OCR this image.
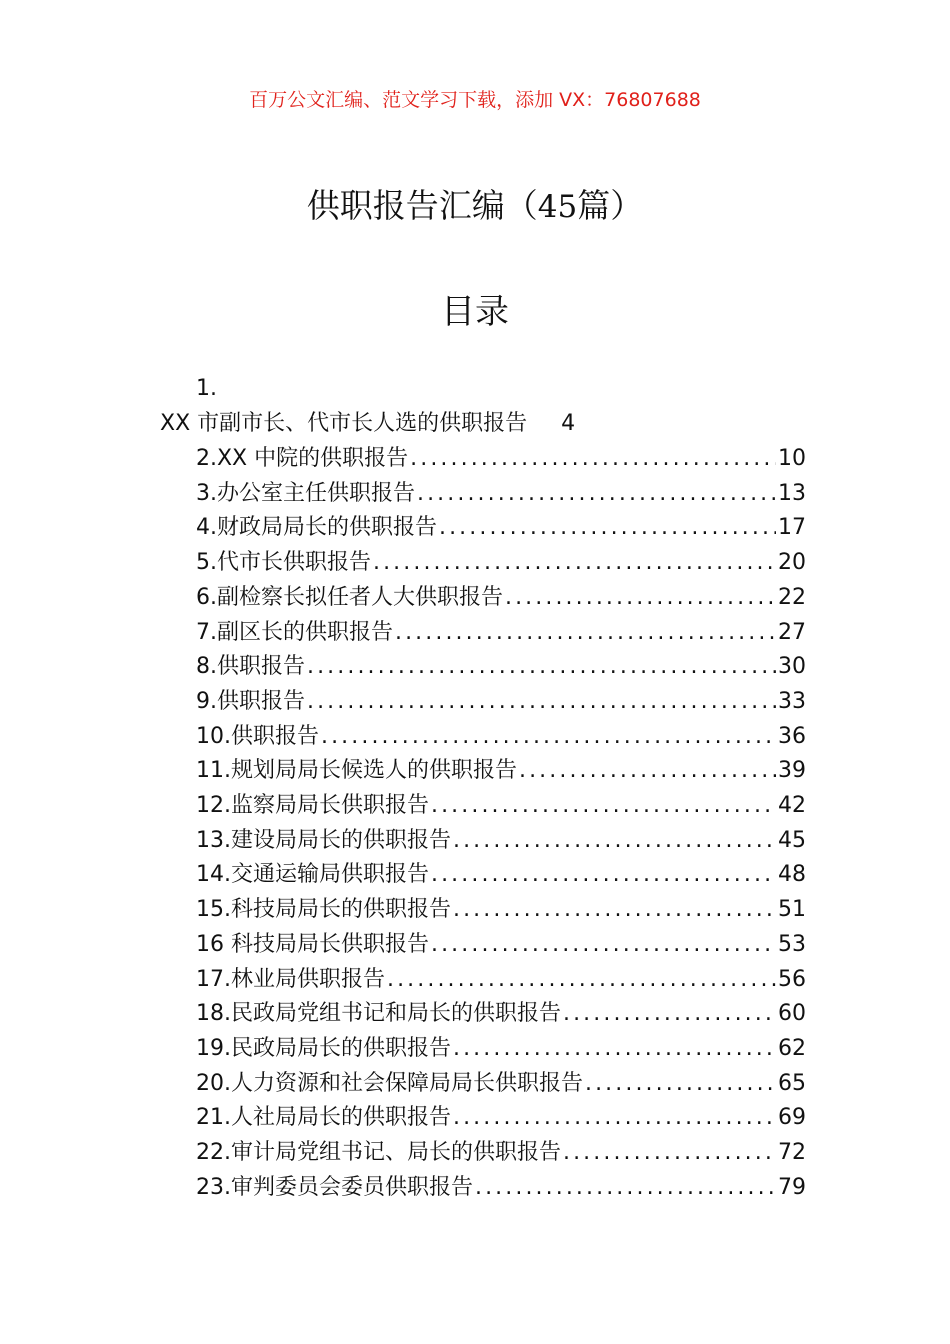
百万公文汇编、范文学习下载，添加 VX：76807688
供职报告汇编（45篇）
目录
1.
XX 市副市长、代市长人选的供职报告 4
2.XX 中院的供职报告 .....	10
3.办公室主任供职报告 .....	13
4.财政局局长的供职报告 .....	17
5.代市长供职报告 .....	20
6.副检察长拟任者人大供职报告 .....	22
7.副区长的供职报告 .....	27
8.供职报告 .....	30
9.供职报告 .....	33
10.供职报告 .....	36
11.规划局局长候选人的供职报告 .....	39
12.监察局局长供职报告 .....	42
13.建设局局长的供职报告 .....	45
14.交通运输局供职报告 .....	48
15.科技局局长的供职报告 .....	51
16 科技局局长供职报告 .....	53
17.林业局供职报告 .....	56
18.民政局党组书记和局长的供职报告 .....	60
19.民政局局长的供职报告 .....	62
20.人力资源和社会保障局局长供职报告 .....	65
21.人社局局长的供职报告 .....	69
22.审计局党组书记、局长的供职报告 .....	72
23.审判委员会委员供职报告 .....	79
